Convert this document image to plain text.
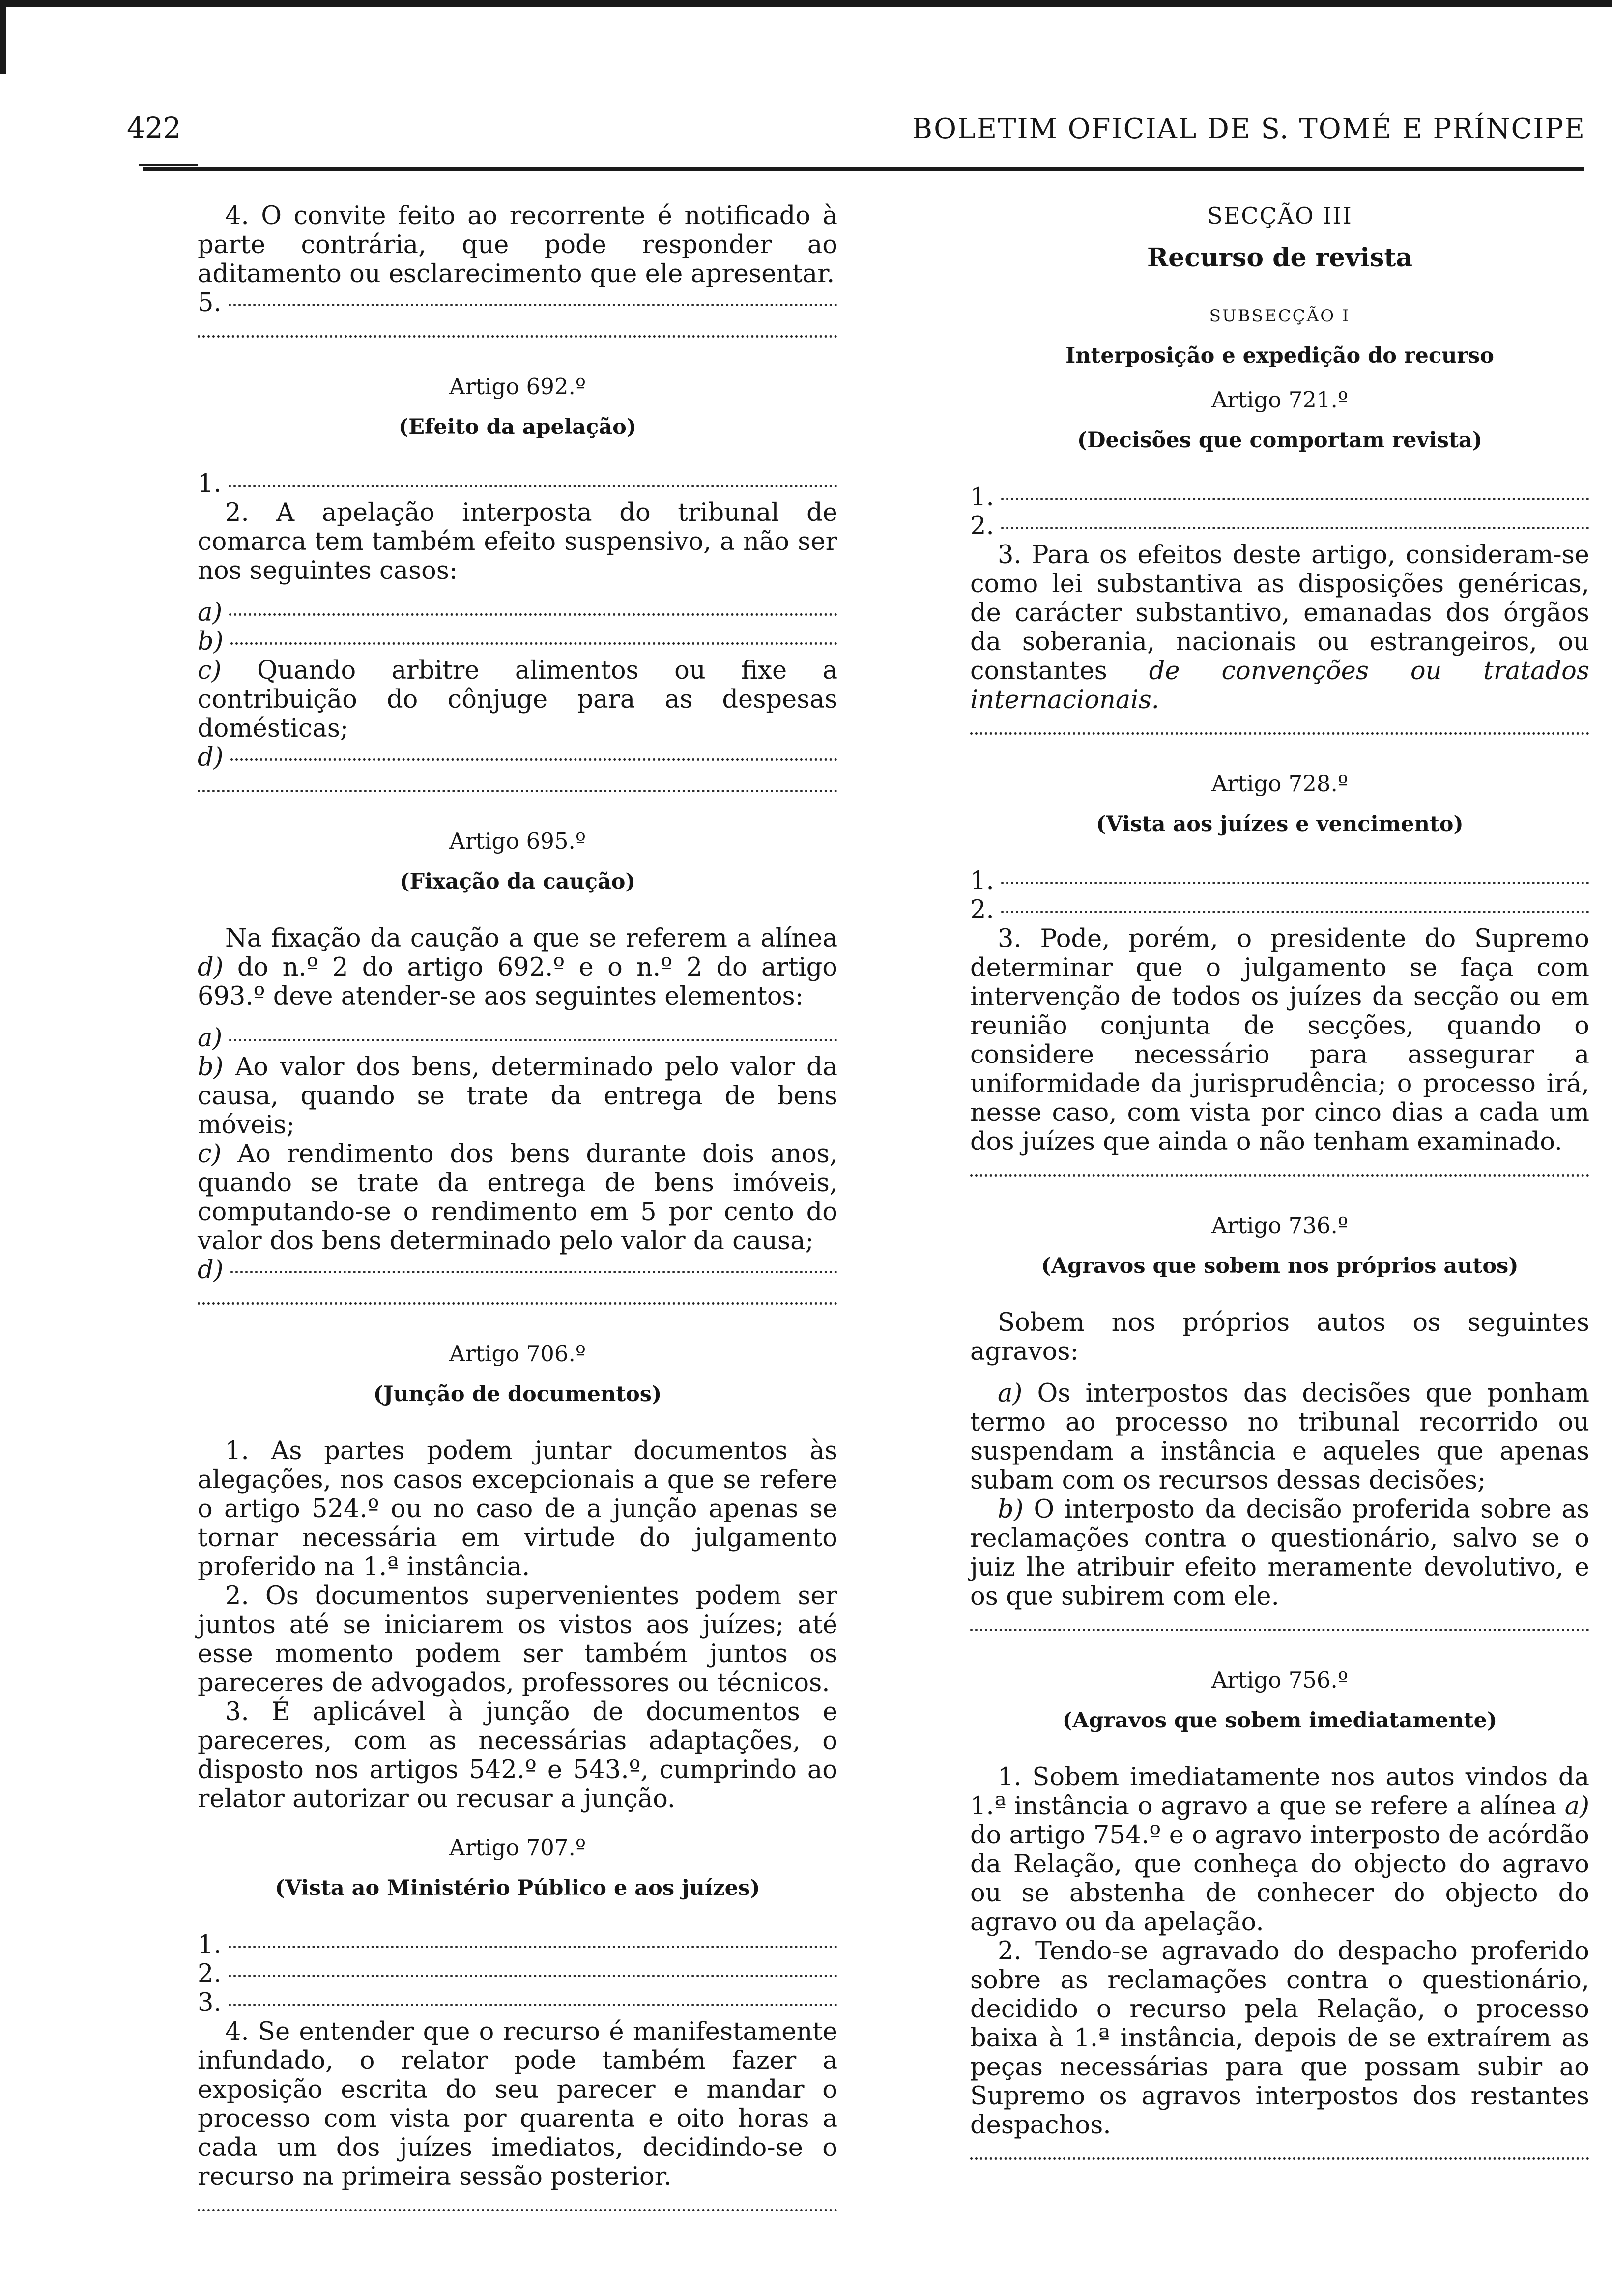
422	BOLETIM OFICIAL DE S. TOMÉ E PRÍNCIPE

4. O convite feito ao recorrente é notificado à parte contrária, que pode responder ao aditamento ou esclarecimento que ele apresentar.

5.

Artigo 692.º

(Efeito da apelação)

1.

2. A apelação interposta do tribunal de comarca tem também efeito suspensivo, a não ser nos seguintes casos:

a)
b)

c) Quando arbitre alimentos ou fixe a contribuição do cônjuge para as despesas domésticas;

d)

Artigo 695.º

(Fixação da caução)

Na fixação da caução a que se referem a alínea d) do n.º 2 do artigo 692.º e o n.º 2 do artigo 693.º deve atender-se aos seguintes elementos:

a)

b) Ao valor dos bens, determinado pelo valor da causa, quando se trate da entrega de bens móveis;

c) Ao rendimento dos bens durante dois anos, quando se trate da entrega de bens imóveis, computando-se o rendimento em 5 por cento do valor dos bens determinado pelo valor da causa;

d)

Artigo 706.º

(Junção de documentos)

1. As partes podem juntar documentos às alegações, nos casos excepcionais a que se refere o artigo 524.º ou no caso de a junção apenas se tornar necessária em virtude do julgamento proferido na 1.ª instância.

2. Os documentos supervenientes podem ser juntos até se iniciarem os vistos aos juízes; até esse momento podem ser também juntos os pareceres de advogados, professores ou técnicos.

3. É aplicável à junção de documentos e pareceres, com as necessárias adaptações, o disposto nos artigos 542.º e 543.º, cumprindo ao relator autorizar ou recusar a junção.

Artigo 707.º

(Vista ao Ministério Público e aos juízes)

1.
2.
3.

4. Se entender que o recurso é manifestamente infundado, o relator pode também fazer a exposição escrita do seu parecer e mandar o processo com vista por quarenta e oito horas a cada um dos juízes imediatos, decidindo-se o recurso na primeira sessão posterior.

SECÇÃO III

Recurso de revista

SUBSECÇÃO I

Interposição e expedição do recurso

Artigo 721.º

(Decisões que comportam revista)

1.
2.

3. Para os efeitos deste artigo, consideram-se como lei substantiva as disposições genéricas, de carácter substantivo, emanadas dos órgãos da soberania, nacionais ou estrangeiros, ou constantes de convenções ou tratados internacionais.

Artigo 728.º

(Vista aos juízes e vencimento)

1.
2.

3. Pode, porém, o presidente do Supremo determinar que o julgamento se faça com intervenção de todos os juízes da secção ou em reunião conjunta de secções, quando o considere necessário para assegurar a uniformidade da jurisprudência; o processo irá, nesse caso, com vista por cinco dias a cada um dos juízes que ainda o não tenham examinado.

Artigo 736.º

(Agravos que sobem nos próprios autos)

Sobem nos próprios autos os seguintes agravos:

a) Os interpostos das decisões que ponham termo ao processo no tribunal recorrido ou suspendam a instância e aqueles que apenas subam com os recursos dessas decisões;

b) O interposto da decisão proferida sobre as reclamações contra o questionário, salvo se o juiz lhe atribuir efeito meramente devolutivo, e os que subirem com ele.

Artigo 756.º

(Agravos que sobem imediatamente)

1. Sobem imediatamente nos autos vindos da 1.ª instância o agravo a que se refere a alínea a) do artigo 754.º e o agravo interposto de acórdão da Relação, que conheça do objecto do agravo ou se abstenha de conhecer do objecto do agravo ou da apelação.

2. Tendo-se agravado do despacho proferido sobre as reclamações contra o questionário, decidido o recurso pela Relação, o processo baixa à 1.ª instância, depois de se extraírem as peças necessárias para que possam subir ao Supremo os agravos interpostos dos restantes despachos.
